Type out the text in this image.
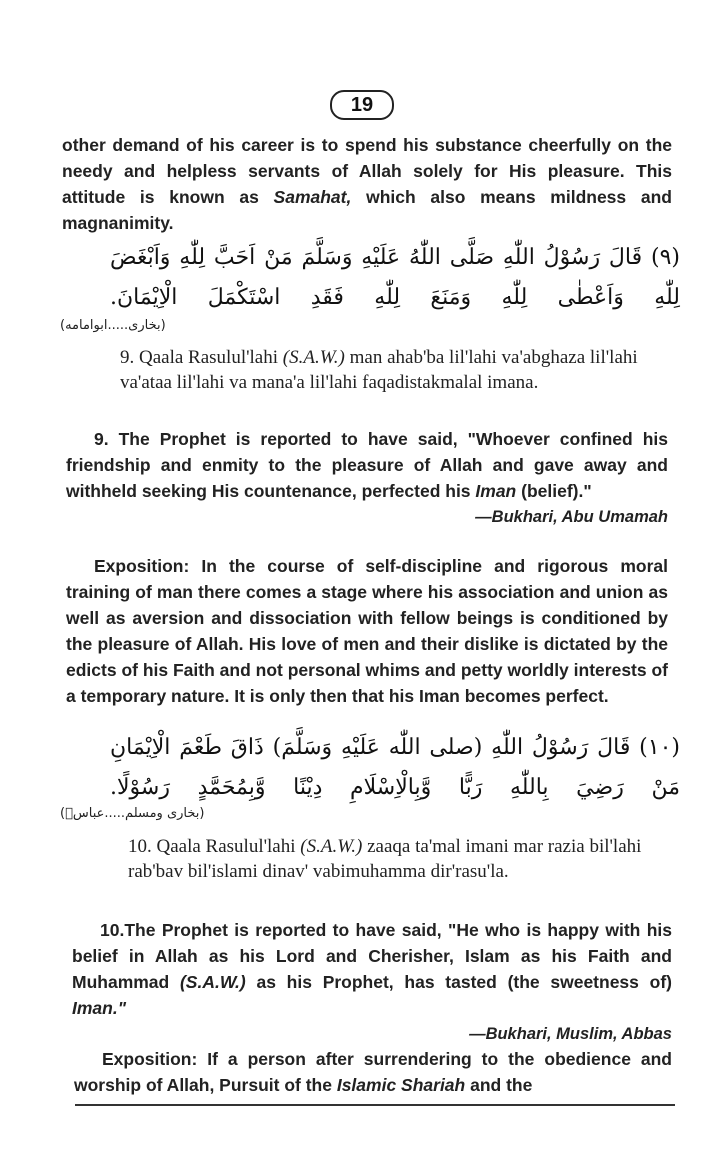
19

other demand of his career is to spend his substance cheerfully on the needy and helpless servants of Allah solely for His pleasure. This attitude is known as Samahat, which also means mildness and magnanimity.

(٩) قَالَ رَسُوْلُ اللّٰهِ صَلَّى اللّٰهُ عَلَيْهِ وَسَلَّمَ مَنْ اَحَبَّ لِلّٰهِ وَاَبْغَضَ لِلّٰهِ وَاَعْطٰى لِلّٰهِ وَمَنَعَ لِلّٰهِ فَقَدِ اسْتَكْمَلَ الْاِيْمَانَ.
(بخاری.....ابوامامه)

9. Qaala Rasulul'lahi (S.A.W.) man ahab'ba lil'lahi va'abghaza lil'lahi va'ataa lil'lahi va mana'a lil'lahi faqadistakmalal imana.

9. The Prophet is reported to have said, "Whoever confined his friendship and enmity to the pleasure of Allah and gave away and withheld seeking His countenance, perfected his Iman (belief)."

—Bukhari, Abu Umamah

Exposition: In the course of self-discipline and rigorous moral training of man there comes a stage where his association and union as well as aversion and dissociation with fellow beings is conditioned by the pleasure of Allah. His love of men and their dislike is dictated by the edicts of his Faith and not personal whims and petty worldly interests of a temporary nature. It is only then that his Iman becomes perfect.

(١٠) قَالَ رَسُوْلُ اللّٰهِ (صلى اللّٰه عَلَيْهِ وَسَلَّمَ) ذَاقَ طَعْمَ الْاِيْمَانِ مَنْ رَضِيَ بِاللّٰهِ رَبًّا وَّبِالْاِسْلَامِ دِيْنًا وَّبِمُحَمَّدٍ رَسُوْلًا.
(بخاری ومسلم.....عباسؓ)

10. Qaala Rasulul'lahi (S.A.W.) zaaqa ta'mal imani mar razia bil'lahi rab'bav bil'islami dinav' vabimuhamma dir'rasu'la.

10.The Prophet is reported to have said, "He who is happy with his belief in Allah as his Lord and Cherisher, Islam as his Faith and Muhammad (S.A.W.) as his Prophet, has tasted (the sweetness of) Iman."

—Bukhari, Muslim, Abbas

Exposition: If a person after surrendering to the obedience and worship of Allah, Pursuit of the Islamic Shariah and the
